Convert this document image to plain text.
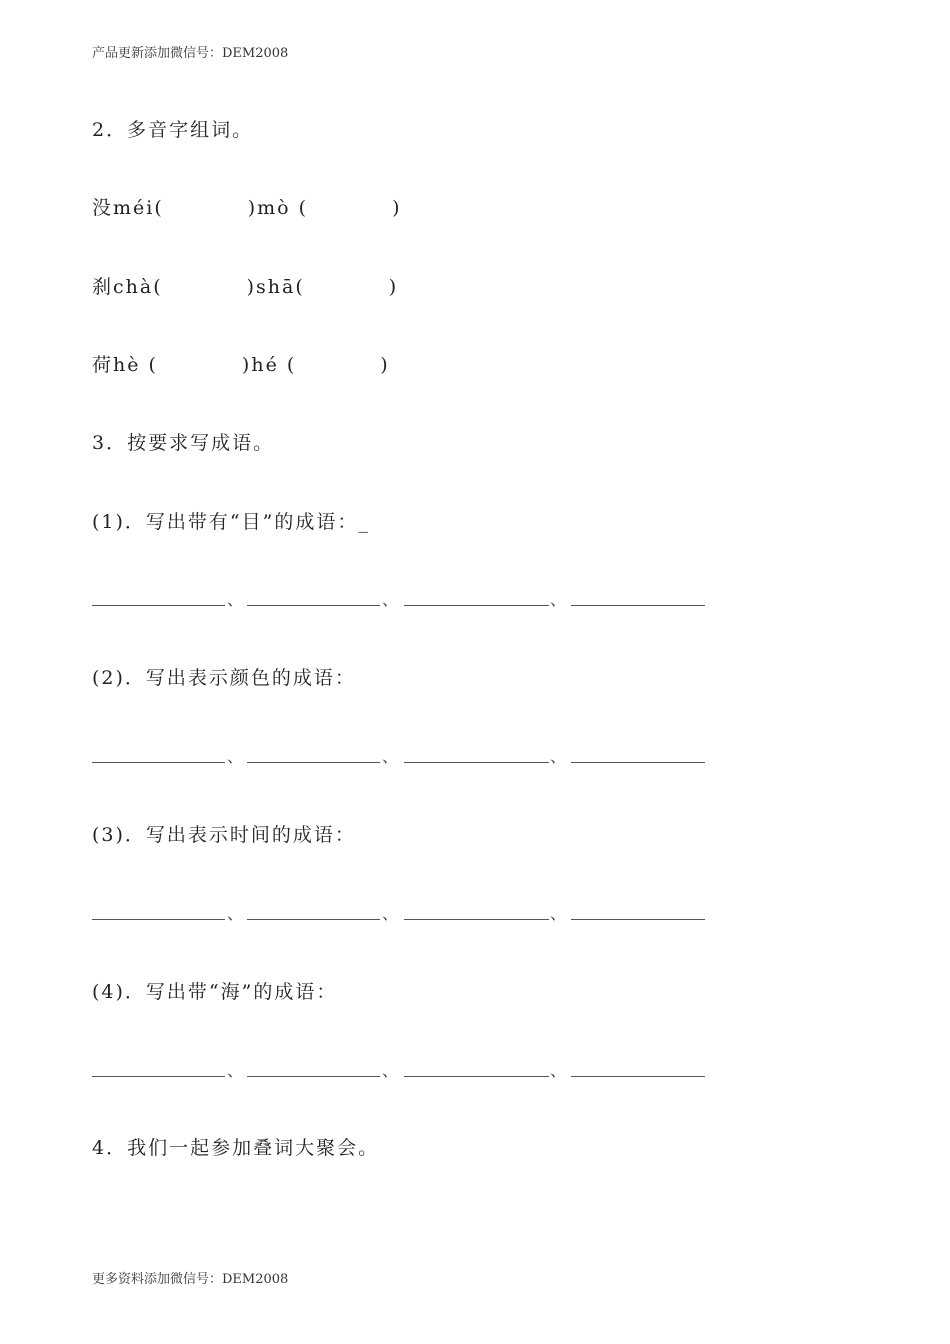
产品更新添加微信号：DEM2008
2．多音字组词。
没méi(　　　　)mò (　　　　)
刹chà(　　　　)shā(　　　　)
荷hè (　　　　)hé (　　　　)
3．按要求写成语。
(1)．写出带有“目”的成语：_
、	、	、
(2)．写出表示颜色的成语：
、	、	、
(3)．写出表示时间的成语：
、	、	、
(4)．写出带“海”的成语：
、	、	、
4．我们一起参加叠词大聚会。
更多资料添加微信号：DEM2008
